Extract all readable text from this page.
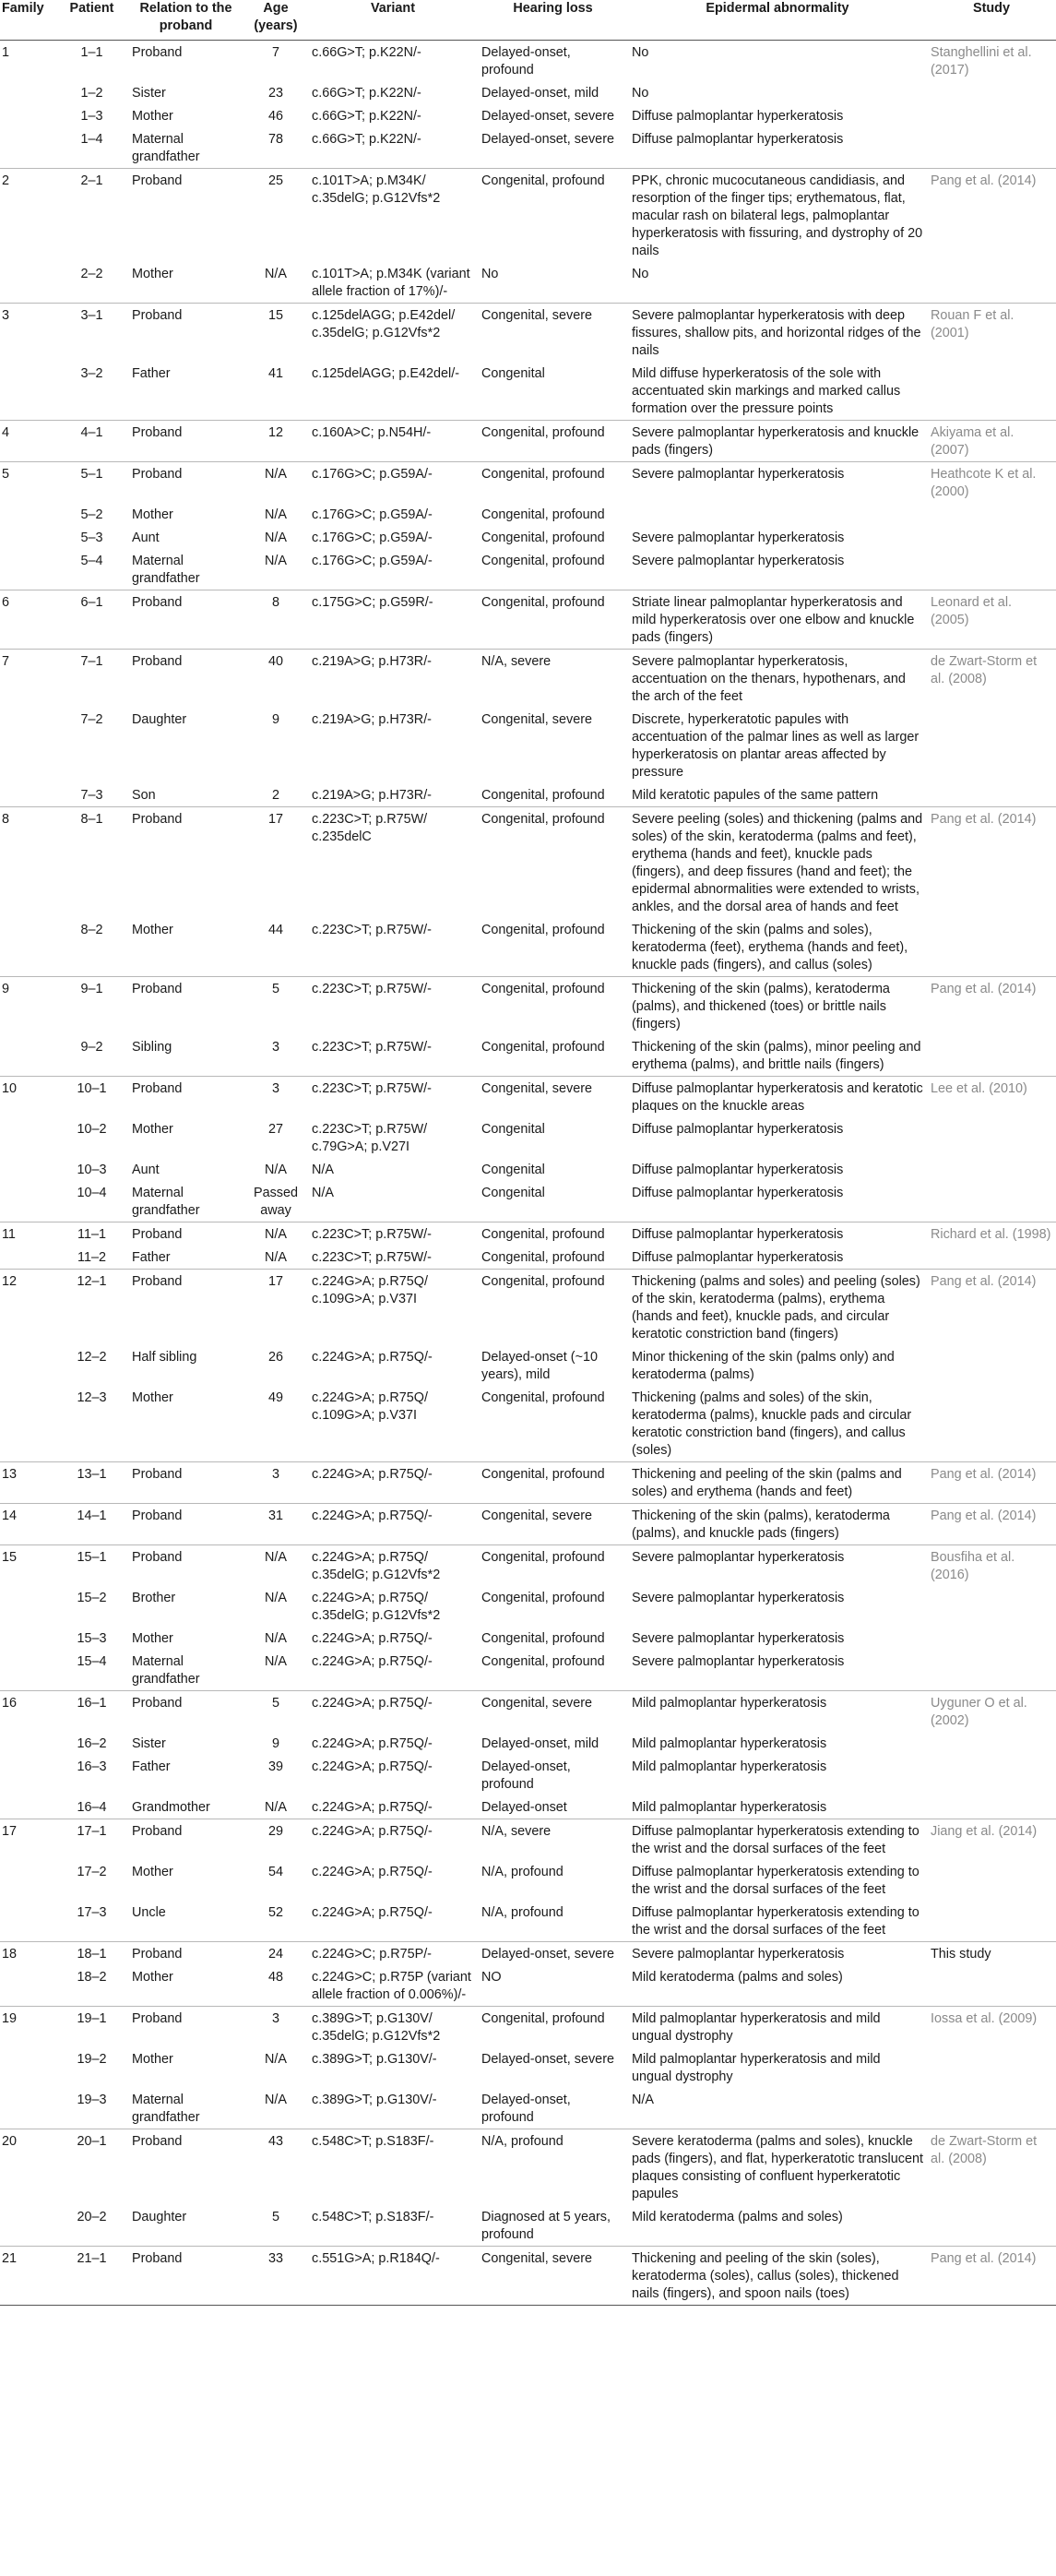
Family	Patient	Relation to the proband	Age (years)	Variant	Hearing loss	Epidermal abnormality	Study
1	1–1	Proband	7	c.66G>T; p.K22N/-	Delayed-onset, profound	No	Stanghellini et al. (2017)
	1–2	Sister	23	c.66G>T; p.K22N/-	Delayed-onset, mild	No	
	1–3	Mother	46	c.66G>T; p.K22N/-	Delayed-onset, severe	Diffuse palmoplantar hyperkeratosis	
	1–4	Maternal grandfather	78	c.66G>T; p.K22N/-	Delayed-onset, severe	Diffuse palmoplantar hyperkeratosis	
2	2–1	Proband	25	c.101T>A; p.M34K/ c.35delG; p.G12Vfs*2	Congenital, profound	PPK, chronic mucocutaneous candidiasis, and resorption of the finger tips; erythematous, flat, macular rash on bilateral legs, palmoplantar hyperkeratosis with fissuring, and dystrophy of 20 nails	Pang et al. (2014)
	2–2	Mother	N/A	c.101T>A; p.M34K (variant allele fraction of 17%)/-	No	No	
3	3–1	Proband	15	c.125delAGG; p.E42del/ c.35delG; p.G12Vfs*2	Congenital, severe	Severe palmoplantar hyperkeratosis with deep fissures, shallow pits, and horizontal ridges of the nails	Rouan F et al. (2001)
	3–2	Father	41	c.125delAGG; p.E42del/-	Congenital	Mild diffuse hyperkeratosis of the sole with accentuated skin markings and marked callus formation over the pressure points	
4	4–1	Proband	12	c.160A>C; p.N54H/-	Congenital, profound	Severe palmoplantar hyperkeratosis and knuckle pads (fingers)	Akiyama et al. (2007)
5	5–1	Proband	N/A	c.176G>C; p.G59A/-	Congenital, profound	Severe palmoplantar hyperkeratosis	Heathcote K et al. (2000)
	5–2	Mother	N/A	c.176G>C; p.G59A/-	Congenital, profound		
	5–3	Aunt	N/A	c.176G>C; p.G59A/-	Congenital, profound	Severe palmoplantar hyperkeratosis	
	5–4	Maternal grandfather	N/A	c.176G>C; p.G59A/-	Congenital, profound	Severe palmoplantar hyperkeratosis	
6	6–1	Proband	8	c.175G>C; p.G59R/-	Congenital, profound	Striate linear palmoplantar hyperkeratosis and mild hyperkeratosis over one elbow and knuckle pads (fingers)	Leonard et al. (2005)
7	7–1	Proband	40	c.219A>G; p.H73R/-	N/A, severe	Severe palmoplantar hyperkeratosis, accentuation on the thenars, hypothenars, and the arch of the feet	de Zwart-Storm et al. (2008)
	7–2	Daughter	9	c.219A>G; p.H73R/-	Congenital, severe	Discrete, hyperkeratotic papules with accentuation of the palmar lines as well as larger hyperkeratosis on plantar areas affected by pressure	
	7–3	Son	2	c.219A>G; p.H73R/-	Congenital, profound	Mild keratotic papules of the same pattern	
8	8–1	Proband	17	c.223C>T; p.R75W/ c.235delC	Congenital, profound	Severe peeling (soles) and thickening (palms and soles) of the skin, keratoderma (palms and feet), erythema (hands and feet), knuckle pads (fingers), and deep fissures (hand and feet); the epidermal abnormalities were extended to wrists, ankles, and the dorsal area of hands and feet	Pang et al. (2014)
	8–2	Mother	44	c.223C>T; p.R75W/-	Congenital, profound	Thickening of the skin (palms and soles), keratoderma (feet), erythema (hands and feet), knuckle pads (fingers), and callus (soles)	
9	9–1	Proband	5	c.223C>T; p.R75W/-	Congenital, profound	Thickening of the skin (palms), keratoderma (palms), and thickened (toes) or brittle nails (fingers)	Pang et al. (2014)
	9–2	Sibling	3	c.223C>T; p.R75W/-	Congenital, profound	Thickening of the skin (palms), minor peeling and erythema (palms), and brittle nails (fingers)	
10	10–1	Proband	3	c.223C>T; p.R75W/-	Congenital, severe	Diffuse palmoplantar hyperkeratosis and keratotic plaques on the knuckle areas	Lee et al. (2010)
	10–2	Mother	27	c.223C>T; p.R75W/ c.79G>A; p.V27I	Congenital	Diffuse palmoplantar hyperkeratosis	
	10–3	Aunt	N/A	N/A	Congenital	Diffuse palmoplantar hyperkeratosis	
	10–4	Maternal grandfather	Passed away	N/A	Congenital	Diffuse palmoplantar hyperkeratosis	
11	11–1	Proband	N/A	c.223C>T; p.R75W/-	Congenital, profound	Diffuse palmoplantar hyperkeratosis	Richard et al. (1998)
	11–2	Father	N/A	c.223C>T; p.R75W/-	Congenital, profound	Diffuse palmoplantar hyperkeratosis	
12	12–1	Proband	17	c.224G>A; p.R75Q/ c.109G>A; p.V37I	Congenital, profound	Thickening (palms and soles) and peeling (soles) of the skin, keratoderma (palms), erythema (hands and feet), knuckle pads, and circular keratotic constriction band (fingers)	Pang et al. (2014)
	12–2	Half sibling	26	c.224G>A; p.R75Q/-	Delayed-onset (~10 years), mild	Minor thickening of the skin (palms only) and keratoderma (palms)	
	12–3	Mother	49	c.224G>A; p.R75Q/ c.109G>A; p.V37I	Congenital, profound	Thickening (palms and soles) of the skin, keratoderma (palms), knuckle pads and circular keratotic constriction band (fingers), and callus (soles)	
13	13–1	Proband	3	c.224G>A; p.R75Q/-	Congenital, profound	Thickening and peeling of the skin (palms and soles) and erythema (hands and feet)	Pang et al. (2014)
14	14–1	Proband	31	c.224G>A; p.R75Q/-	Congenital, severe	Thickening of the skin (palms), keratoderma (palms), and knuckle pads (fingers)	Pang et al. (2014)
15	15–1	Proband	N/A	c.224G>A; p.R75Q/ c.35delG; p.G12Vfs*2	Congenital, profound	Severe palmoplantar hyperkeratosis	Bousfiha et al. (2016)
	15–2	Brother	N/A	c.224G>A; p.R75Q/ c.35delG; p.G12Vfs*2	Congenital, profound	Severe palmoplantar hyperkeratosis	
	15–3	Mother	N/A	c.224G>A; p.R75Q/-	Congenital, profound	Severe palmoplantar hyperkeratosis	
	15–4	Maternal grandfather	N/A	c.224G>A; p.R75Q/-	Congenital, profound	Severe palmoplantar hyperkeratosis	
16	16–1	Proband	5	c.224G>A; p.R75Q/-	Congenital, severe	Mild palmoplantar hyperkeratosis	Uyguner O et al. (2002)
	16–2	Sister	9	c.224G>A; p.R75Q/-	Delayed-onset, mild	Mild palmoplantar hyperkeratosis	
	16–3	Father	39	c.224G>A; p.R75Q/-	Delayed-onset, profound	Mild palmoplantar hyperkeratosis	
	16–4	Grandmother	N/A	c.224G>A; p.R75Q/-	Delayed-onset	Mild palmoplantar hyperkeratosis	
17	17–1	Proband	29	c.224G>A; p.R75Q/-	N/A, severe	Diffuse palmoplantar hyperkeratosis extending to the wrist and the dorsal surfaces of the feet	Jiang et al. (2014)
	17–2	Mother	54	c.224G>A; p.R75Q/-	N/A, profound	Diffuse palmoplantar hyperkeratosis extending to the wrist and the dorsal surfaces of the feet	
	17–3	Uncle	52	c.224G>A; p.R75Q/-	N/A, profound	Diffuse palmoplantar hyperkeratosis extending to the wrist and the dorsal surfaces of the feet	
18	18–1	Proband	24	c.224G>C; p.R75P/-	Delayed-onset, severe	Severe palmoplantar hyperkeratosis	This study
	18–2	Mother	48	c.224G>C; p.R75P (variant allele fraction of 0.006%)/-	NO	Mild keratoderma (palms and soles)	
19	19–1	Proband	3	c.389G>T; p.G130V/ c.35delG; p.G12Vfs*2	Congenital, profound	Mild palmoplantar hyperkeratosis and mild ungual dystrophy	Iossa et al. (2009)
	19–2	Mother	N/A	c.389G>T; p.G130V/-	Delayed-onset, severe	Mild palmoplantar hyperkeratosis and mild ungual dystrophy	
	19–3	Maternal grandfather	N/A	c.389G>T; p.G130V/-	Delayed-onset, profound	N/A	
20	20–1	Proband	43	c.548C>T; p.S183F/-	N/A, profound	Severe keratoderma (palms and soles), knuckle pads (fingers), and flat, hyperkeratotic translucent plaques consisting of confluent hyperkeratotic papules	de Zwart-Storm et al. (2008)
	20–2	Daughter	5	c.548C>T; p.S183F/-	Diagnosed at 5 years, profound	Mild keratoderma (palms and soles)	
21	21–1	Proband	33	c.551G>A; p.R184Q/-	Congenital, severe	Thickening and peeling of the skin (soles), keratoderma (soles), callus (soles), thickened nails (fingers), and spoon nails (toes)	Pang et al. (2014)
